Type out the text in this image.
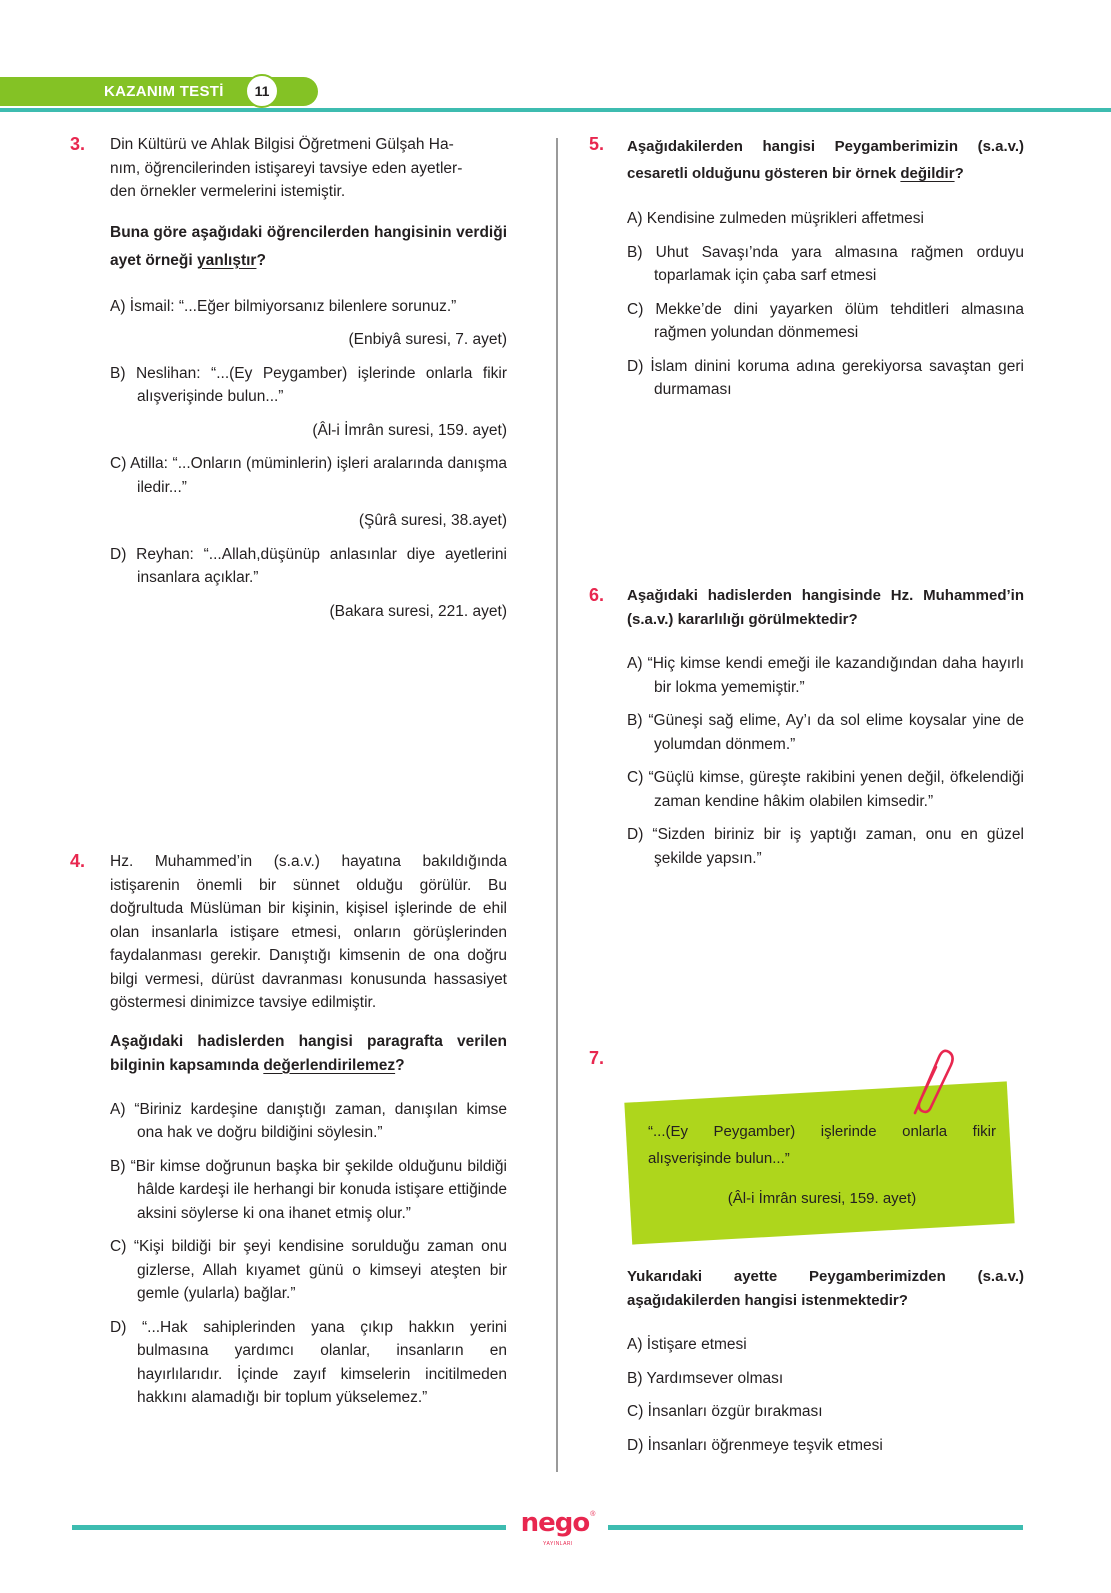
KAZANIM TESTİ	11
3. Din Kültürü ve Ahlak Bilgisi Öğretmeni Gülşah Ha-
nım, öğrencilerinden istişareyi tavsiye eden ayetler-
den örnekler vermelerini istemiştir.

Buna göre aşağıdaki öğrencilerden hangisinin verdiği ayet örneği yanlıştır?

A) İsmail: “...Eğer bilmiyorsanız bilenlere sorunuz.”

(Enbiyâ suresi, 7. ayet)

B) Neslihan: “...(Ey Peygamber) işlerinde onlarla fikir alışverişinde bulun...”

(Âl-i İmrân suresi, 159. ayet)

C) Atilla: “...Onların (müminlerin) işleri aralarında danışma iledir...”

(Şûrâ suresi, 38.ayet)

D) Reyhan: “...Allah,düşünüp anlasınlar diye ayetlerini insanlara açıklar.”

(Bakara suresi, 221. ayet)

4. Hz. Muhammed’in (s.a.v.) hayatına bakıldığında istişarenin önemli bir sünnet olduğu görülür. Bu doğrultuda Müslüman bir kişinin, kişisel işlerinde de ehil olan insanlarla istişare etmesi, onların görüşlerinden faydalanması gerekir. Danıştığı kimsenin de ona doğru bilgi vermesi, dürüst davranması konusunda hassasiyet göstermesi dinimizce tavsiye edilmiştir.

Aşağıdaki hadislerden hangisi paragrafta verilen bilginin kapsamında değerlendirilemez?

A) “Biriniz kardeşine danıştığı zaman, danışılan kimse ona hak ve doğru bildiğini söylesin.”

B) “Bir kimse doğrunun başka bir şekilde olduğunu bildiği hâlde kardeşi ile herhangi bir konuda istişare ettiğinde aksini söylerse ki ona ihanet etmiş olur.”

C) “Kişi bildiği bir şeyi kendisine sorulduğu zaman onu gizlerse, Allah kıyamet günü o kimseyi ateşten bir gemle (yularla) bağlar.”

D) “...Hak sahiplerinden yana çıkıp hakkın yerini bulmasına yardımcı olanlar, insanların en hayırlılarıdır. İçinde zayıf kimselerin incitilmeden hakkını alamadığı bir toplum yükselemez.”

5. Aşağıdakilerden hangisi Peygamberimizin (s.a.v.) cesaretli olduğunu gösteren bir örnek değildir?

A) Kendisine zulmeden müşrikleri affetmesi

B) Uhut Savaşı’nda yara almasına rağmen orduyu toparlamak için çaba sarf etmesi

C) Mekke’de dini yayarken ölüm tehditleri almasına rağmen yolundan dönmemesi

D) İslam dinini koruma adına gerekiyorsa savaştan geri durmaması

6. Aşağıdaki hadislerden hangisinde Hz. Muhammed’in (s.a.v.) kararlılığı görülmektedir?

A) “Hiç kimse kendi emeği ile kazandığından daha hayırlı bir lokma yememiştir.”

B) “Güneşi sağ elime, Ay’ı da sol elime koysalar yine de yolumdan dönmem.”

C) “Güçlü kimse, güreşte rakibini yenen değil, öfkelendiği zaman kendine hâkim olabilen kimsedir.”

D) “Sizden biriniz bir iş yaptığı zaman, onu en güzel şekilde yapsın.”

7.

“...(Ey Peygamber) işlerinde onlarla fikir alışverişinde bulun...”

(Âl-i İmrân suresi, 159. ayet)

Yukarıdaki ayette Peygamberimizden (s.a.v.) aşağıdakilerden hangisi istenmektedir?

A) İstişare etmesi

B) Yardımsever olması

C) İnsanları özgür bırakması

D) İnsanları öğrenmeye teşvik etmesi

nego®
YAYINLARI
